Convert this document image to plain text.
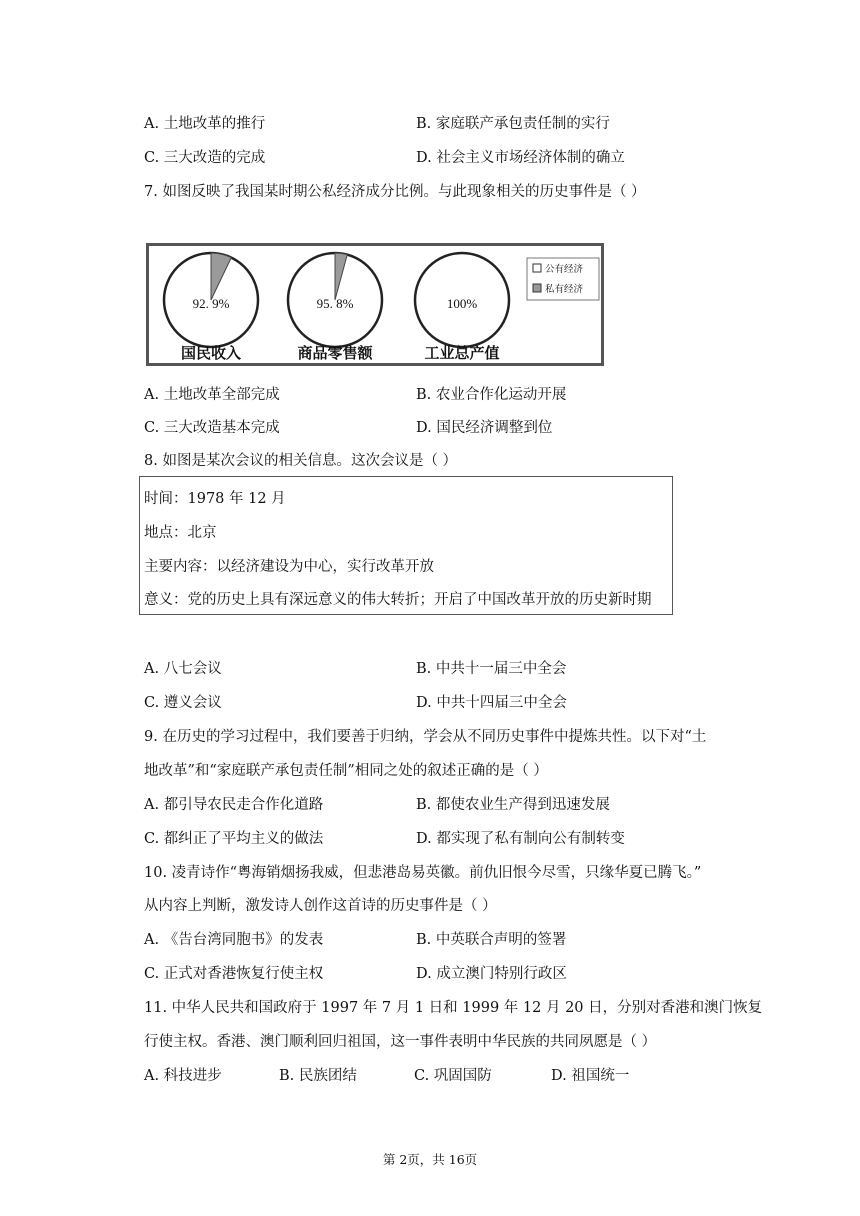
A. 土地改革的推行	B. 家庭联产承包责任制的实行
C. 三大改造的完成	D. 社会主义市场经济体制的确立
7. 如图反映了我国某时期公私经济成分比例。与此现象相关的历史事件是（ ）
92. 9%
国民收入
95. 8%
商品零售额
100%
工业总产值
公有经济
私有经济
A. 土地改革全部完成	B. 农业合作化运动开展
C. 三大改造基本完成	D. 国民经济调整到位
8. 如图是某次会议的相关信息。这次会议是（ ）
时间：1978 年 12 月
地点：北京
主要内容：以经济建设为中心，实行改革开放
意义：党的历史上具有深远意义的伟大转折；开启了中国改革开放的历史新时期
A. 八七会议	B. 中共十一届三中全会
C. 遵义会议	D. 中共十四届三中全会
9. 在历史的学习过程中，我们要善于归纳，学会从不同历史事件中提炼共性。以下对“土
地改革”和“家庭联产承包责任制”相同之处的叙述正确的是（ ）
A. 都引导农民走合作化道路	B. 都使农业生产得到迅速发展
C. 都纠正了平均主义的做法	D. 都实现了私有制向公有制转变
10. 凌青诗作“粤海销烟扬我威，但悲港岛易英徽。前仇旧恨今尽雪，只缘华夏已腾飞。”
从内容上判断，激发诗人创作这首诗的历史事件是（ ）
A. 《告台湾同胞书》的发表	B. 中英联合声明的签署
C. 正式对香港恢复行使主权	D. 成立澳门特别行政区
11. 中华人民共和国政府于 1997 年 7 月 1 日和 1999 年 12 月 20 日，分别对香港和澳门恢复
行使主权。香港、澳门顺利回归祖国，这一事件表明中华民族的共同夙愿是（ ）
A. 科技进步	B. 民族团结	C. 巩固国防	D. 祖国统一
第 2页，共 16页
